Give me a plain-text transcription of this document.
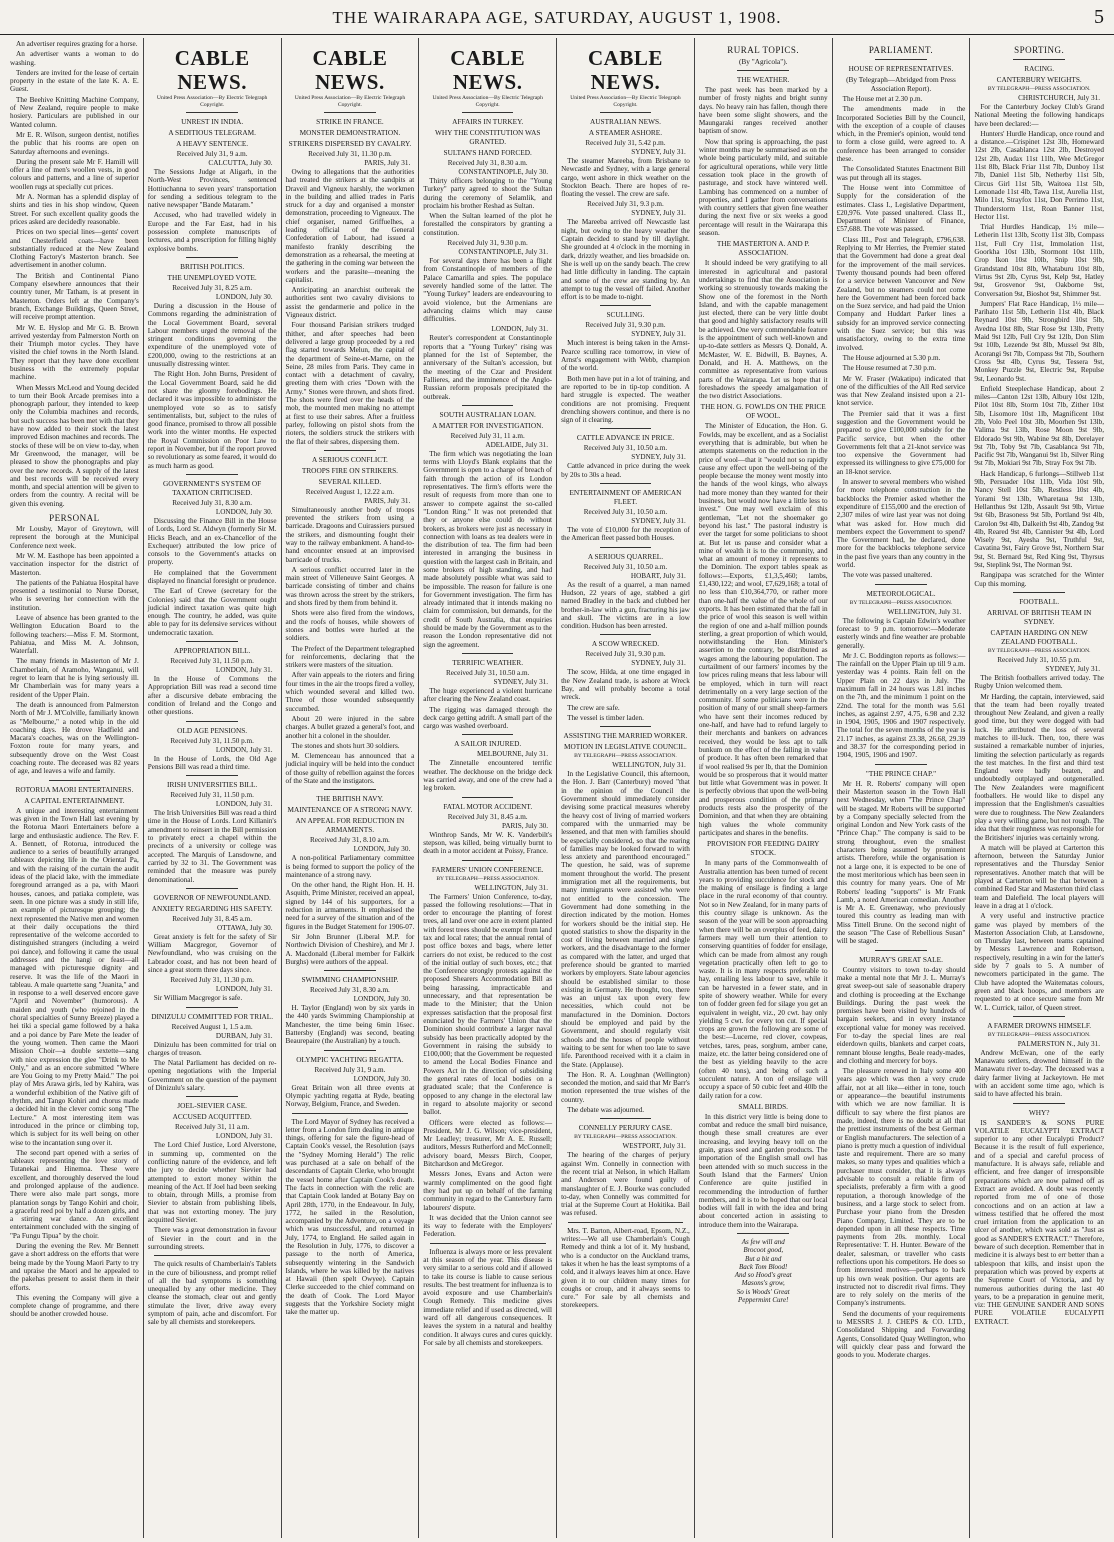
THE WAIRARAPA AGE, SATURDAY, AUGUST 1, 1908.	5

An advertiser requires grazing for a horse.

An advertiser wants a woman to do washing.

Tenders are invited for the lease of certain property in the estate of the late K. A. E. Guest.

The Beehive Knitting Machine Company, of New Zealand, require people to make hosiery. Particulars are published in our Wanted column.

Mr E. R. Wilson, surgeon dentist, notifies the public that his rooms are open on Saturday afternoons and evenings.

During the present sale Mr F. Hamill will offer a line of men's woollen vests, in good colours and patterns, and a line of superior woollen rugs at specially cut prices.

Mr A. Norman has a splendid display of shirts and ties in his shop window, Queen Street. For such excellent quality goods the prices asked are decidedly reasonable.

Prices on two special lines—gents' covert and Chesterfield coats—have been substantially reduced at the New Zealand Clothing Factory's Masterton branch. See advertisement in another column.

The British and Continental Piano Company elsewhere announces that their country tuner, Mr Tatham, is at present in Masterton. Orders left at the Company's branch, Exchange Buildings, Queen Street, will receive prompt attention.

Mr W. E. Hyslop and Mr G. B. Brown arrived yesterday from Palmerston North on their Triumph motor cycles. They have visited the chief towns in the North Island. They report that they have done excellent business with the extremely popular machine.

When Messrs McLeod and Young decided to turn their Book Arcade premises into a phonograph parlour, they intended to keep only the Columbia machines and records, but such success has been met with that they have now added to their stock the latest improved Edison machines and records. The stocks of these will be on view to-day, when Mr Greenwood, the manager, will be pleased to show the phonographs and play over the new records. A supply of the latest and best records will be received every month, and special attention will be given to orders from the country. A recital will be given this evening.

PERSONAL

Mr Lousby, Mayor of Greytown, will represent the borough at the Municipal Conference next week.

Mr W. M. Easthope has been appointed a vaccination inspector for the district of Masterton.

The patients of the Pahiatua Hospital have presented a testimonial to Nurse Dorset, who is severing her connection with the institution.

Leave of absence has been granted to the Wellington Education Board to the following teachers:—Miss F. M. Stormont, Pahiatua, and Miss M. A. Johnson, Waterfall.

The many friends in Masterton of Mr J. Chamberlain, of Aramoho, Wanganui, will regret to learn that he is lying seriously ill. Mr Chamberlain was for many years a resident of the Upper Plain.

The death is announced from Palmerston North of Mr J. M'Colville, familiarly known as "Melbourne," a noted whip in the old coaching days. He drove Hadfield and Macara's coaches, was on the Wellington-Foxton route for many years, and subsequently drove on the West Coast coaching route. The deceased was 82 years of age, and leaves a wife and family.

ROTORUA MAORI ENTERTAINERS.
A CAPITAL ENTERTAINMENT.

A unique and interesting entertainment was given in the Town Hall last evening by the Rotorua Maori Entertainers before a large and enthusiastic audience. The Rev. F. A. Bennett, of Rotorua, introduced the audience to a series of beautifully arranged tableaux depicting life in the Oriental Pa, and with the raising of the curtain the audit ideas of the placid lake, with the immediate foreground arranged as a pa, with Maori houses, canoes, and patiaka complete, was seen. In one picture was a study in still life, an example of picturesque grouping; the next represented the Native men and women at their daily occupations the third representative of the welcome accorded to distinguished strangers (including a weird poi dance), and following it came the usual addresses and the hangi or feast—all managed with picturesque dignity and reserve. It was the life of the Maori in tableau. A male quartette sang "Juanita," and in response to a well deserved encore gave "April and November" (humorous). A maiden and youth (who rejoined in the choral specialties of Sunny Breeze) played a hei tiki a special game followed by a haka and a poi dance by Pare Mete the leader of the young women. Then came the Maori Mission Choir—a double sextette—sang with nice expression the glee "Drink to Me Only," and as an encore submitted "Where are You Going to my Pretty Maid." The poi play of Mrs Arawa girls, led by Kahira, was a wonderful exhibition of the Native gift of rhythm, and Tango Kohiri and chorus made a decided hit in the clever comic song "The Lecture." A most interesting item was introduced in the prince or climbing top, which is subject for its well being on other wise to the incantation sung over it.

The second part opened with a series of tableaux representing the love story of Tutanekai and Hinemoa. These were excellent, and thoroughly deserved the loud and prolonged applause of the audience. There were also male part songs, more plantation songs by Tango Kohiri and choir, a graceful reed poi by half a dozen girls, and a stirring war dance. An excellent entertainment concluded with the singing of "Pa Fungu Tipua" by the choir.

During the evening the Rev. Mr Bennett gave a short address on the efforts that were being made by the Young Maori Party to try and upraise the Maori and he appealed to the pakehas present to assist them in their efforts.

This evening the Company will give a complete change of programme, and there should be another crowded house.

CABLE NEWS.
United Press Association—By Electric Telegraph Copyright.
UNREST IN INDIA.
A SEDITIOUS TELEGRAM.
A HEAVY SENTENCE.
Received July 31, 9 a.m.
CALCUTTA, July 30.

The Sessions Judge at Aligarh, in the North-West Provinces, sentenced Hottiuchanna to seven years' transportation for sending a seditious telegram to the native newspaper "Bande Mataram."

Accused, who had travelled widely in Europe and the Far East, had in his possession complete manuscripts of lectures, and a prescription for filling highly explosive bombs.

BRITISH POLITICS.
THE UNEMPLOYED VOTE.
Received July 31, 8.25 a.m.
LONDON, July 30.

During a discussion in the House of Commons regarding the administration of the Local Government Board, several Labour members urged the removal of the stringent conditions governing the expenditure of the unemployed vote of £200,000, owing to the restrictions at an unusually distressing winter.

The Right Hon. John Burns, President of the Local Government Board, said he did not share the gloomy forebodings. He declared it was impossible to administer the unemployed vote so as to satisfy sentimentalists, but, subject to the rules of good finance, promised to throw all possible work into the winter months. He expected the Royal Commission on Poor Law to report in November, but if the report proved so revolutionary as some feared, it would do as much harm as good.

GOVERNMENT'S SYSTEM OF TAXATION CRITICISED.
Received July 31, 8.30 a.m.
LONDON, July 30.

Discussing the Finance Bill in the House of Lords, Lord St. Aldwyn (formerly Sir M. Hicks Beach, and an ex-Chancellor of the Exchequer) attributed the low price of consols to the Government's attacks on property.

He complained that the Government displayed no financial foresight or prudence.

The Earl of Crewe (secretary for the Colonies) said that the Government ought judicial indirect taxation was quite high enough. The country, he added, was quite able to pay for its defensive services without undemocratic taxation.

APPROPRIATION BILL.
Received July 31, 11.50 p.m.
LONDON, July 31.

In the House of Commons the Appropriation Bill was read a second time after a discursive debate embracing the condition of Ireland and the Congo and other questions.

OLD AGE PENSIONS.
Received July 31, 11.50 p.m.
LONDON, July 31.

In the House of Lords, the Old Age Pensions Bill was read a third time.

IRISH UNIVERSITIES BILL.
Received July 31, 11.50 p.m.
LONDON, July 31.

The Irish Universities Bill was read a third time in the House of Lords. Lord Killanin's amendment to reinsert in the Bill permission to privately erect a chapel within the precincts of a university or college was accepted. The Marquis of Lansdowne, and carried by 32 to 31. The Government was reminded that the measure was purely denominational.

GOVERNOR OF NEWFOUNDLAND.
ANXIETY REGARDING HIS SAFETY.
Received July 31, 8.45 a.m.
OTTAWA, July 30.

Great anxiety is felt for the safety of Sir William Macgregor, Governor of Newfoundland, who was cruising on the Labrador coast, and has not been heard of since a great storm three days since.

Received July 31, 11.30 p.m.
LONDON, July 31.

Sir William Macgregor is safe.

DINIZULU COMMITTED FOR TRIAL.
Received August 1, 1.5 a.m.
DURBAN, July 31.

Dinizulu has been committed for trial on charges of treason.

The Natal Parliament has decided on re-opening negotiations with the Imperial Government on the question of the payment of Dinizulu's salary.

JOEL-SIEVIER CASE.
ACCUSED ACQUITTED.
Received July 31, 11 a.m.
LONDON, July 31.

The Lord Chief Justice, Lord Alverstone, in summing up, commented on the conflicting nature of the evidence, and left the jury to decide whether Sievier had attempted to extort money within the meaning of the Act. If Joel had been seeking to obtain, through Mills, a promise from Sievier to abstain from publishing libels, that was not extorting money. The jury acquitted Sievier.

There was a great demonstration in favour of Sievier in the court and in the surrounding streets.

The quick results of Chamberlain's Tablets in the cure of biliousness, and prompt relief of all the bad symptoms is something unequalled by any other medicine. They cleanse the stomach, clear out and gently stimulate the liver, drive away every symptom of pain, ache and discomfort. For sale by all chemists and storekeepers.

CABLE NEWS.
United Press Association—By Electric Telegraph Copyright.
STRIKE IN FRANCE.
MONSTER DEMONSTRATION.
STRIKERS DISPERSED BY CAVALRY.
Received July 31, 11.30 p.m.
PARIS, July 31.

Owing to allegations that the authorities had treated the strikers at the sandpits at Draveil and Vigneux harshly, the workmen in the building and allied trades in Paris struck for a day and organised a monster demonstration, proceeding to Vigneaux. The chief organiser, named Griffuelhes, a leading official of the General Confederation of Labour, had issued a manifesto frankly describing the demonstration as a rehearsal, the meeting at the gathering in the coming war between the workers and the parasite—meaning the capitalist.

Anticipating an anarchist outbreak the authorities sent two cavalry divisions to assist the gendarmerie and police in the Vigneaux district.

Four thousand Parisian strikers trudged thither, and after speeches had been delivered a large group proceeded by a red flag started towards Melun, the capital of the department of Seine-et-Marne, on the Seine, 28 miles from Paris. They came in contact with a detachment of cavalry, greeting them with cries "Down with the Army." Stones were thrown, and shots fired. The shots were fired over the heads of the mob, the mounted men making no attempt at first to use their sabres. After a fruitless parley, following on pistol shots from the rioters, the soldiers struck the strikers with the flat of their sabres, dispersing them.

A SERIOUS CONFLICT.
TROOPS FIRE ON STRIKERS.
SEVERAL KILLED.
Received August 1, 12.22 a.m.
PARIS, July 31.

Simultaneously another body of troops prevented the strikers from using a barricade. Dragoons and Cuirassiers pursued the strikers, and dismounting fought their way to the railway embankment. A hand-to-hand encounter ensued at an improvised barricade of trucks.

A serious conflict occurred later in the main street of Villeneuve Saint Georges. A barricade consisting of timber and chains was thrown across the street by the strikers, and shots fired by them from behind it.

Shots were also fired from the windows, and the roofs of houses, while showers of stones and bottles were hurled at the soldiers.

The Prefect of the Department telegraphed for reinforcements, declaring that the strikers were masters of the situation.

After vain appeals to the rioters and firing four times in the air the troops fired a volley, which wounded several and killed two. Three of those wounded subsequently succumbed.

About 20 were injured in the sabre charges. A bullet grazed a general's foot, and another hit a colonel in the shoulder.

The stones and shots hurt 30 soldiers.

M. Clemenceau has announced that a judicial inquiry will be held into the conduct of those guilty of rebellion against the forces of the State and the instigators.

THE BRITISH NAVY.
MAINTENANCE OF A STRONG NAVY.
AN APPEAL FOR REDUCTION IN ARMAMENTS.
Received July 31, 8.10 a.m.
LONDON, July 30.

A non-political Parliamentary committee is being formed to support the policy of the maintenance of a strong navy.

On the other hand, the Right Hon. H. H. Asquith, Prime Minister, received an appeal, signed by 144 of his supporters, for a reduction in armaments. It emphasised the need for a survey of the situation and of the figures in the Budget Statement for 1906-07.

Sir John Brunner (Liberal M.P. for Northwich Division of Cheshire), and Mr J. A. Macdonald (Liberal member for Falkirk Burghs) were authors of the appeal.

SWIMMING CHAMPIONSHIP.
Received July 31, 8.30 a.m.
LONDON, July 30.

H. Taylor (England) won by six yards in the 440 yards Swimming Championship at Manchester, the time being 6min 16sec. Battersby (England) was second, beating Beaurepaire (the Australian) by a touch.

OLYMPIC YACHTING REGATTA.
Received July 31, 9 a.m.
LONDON, July 30.

Great Britain won all three events at Olympic yachting regatta at Ryde, beating Norway, Belgium, France, and Sweden.

The Lord Mayor of Sydney has received a letter from a London firm dealing in antique things, offering for sale the figure-head of Captain Cook's vessel, the Resolution (says the "Sydney Morning Herald") The relic was purchased at a sale on behalf of the descendants of Captain Clerke, who brought the vessel home after Captain Cook's death. The facts in connection with the relic are that Captain Cook landed at Botany Bay on April 28th, 1770, in the Endeavour. In July, 1772, he sailed in the Resolution, accompanied by the Adventure, on a voyage which was unsuccessful, and returned in July, 1774, to England. He sailed again in the Resolution in July, 1776, to discover a passage to the north of America, subsequently wintering in the Sandwich Islands, where he was killed by the natives at Hawaii (then spelt Owyee). Captain Clerke succeeded to the chief command on the death of Cook. The Lord Mayor suggests that the Yorkshire Society might take the matter up.

CABLE NEWS.
United Press Association—By Electric Telegraph Copyright.
AFFAIRS IN TURKEY.
WHY THE CONSTITUTION WAS GRANTED.
SULTAN'S HAND FORCED.
Received July 31, 8.30 a.m.
CONSTANTINOPLE, July 30.

Thirty officers belonging to the "Young Turkey" party agreed to shoot the Sultan during the ceremony of Selamlik, and proclaim his brother Reshad as Sultan.

When the Sultan learned of the plot he forestalled the conspirators by granting a constitution.

Received July 31, 9.30 p.m.
CONSTANTINOPLE, July 31.

For several days there has been a flight from Constantinople of members of the Palace Camarilla and spies. The populace severely handled some of the latter. The "Young Turkey" leaders are endeavouring to avoid violence, but the Armenians are advancing claims which may cause difficulties.

LONDON, July 31.

Reuter's correspondent at Constantinople reports that a "Young Turkey" rising was planned for the 1st of September, the anniversary of the Sultan's accession, but the meeting of the Czar and President Fallieres, and the imminence of the Anglo-Russian reform proposals precipitated the outbreak.

SOUTH AUSTRALIAN LOAN.
A MATTER FOR INVESTIGATION.
Received July 31, 11 a.m.
ADELAIDE, July 31.

The firm which was negotiating the loan terms with Lloyd's Blank explains that the Government is open to a charge of breach of faith through the action of its London representatives. The firm's efforts were the result of requests from more than one to answer to compete against the so-called "London Ring." It was not pretended that they or anyone else could do without brokers, as brokers were just as necessary in connection with loans as tea dealers were in the distribution of tea. The firm had been interested in arranging the business in question with the largest cash in Britain, and some brokers of high standing, and had made absolutely possible what was said to be impossible. The reason for failure is one for Government investigation. The firm has already intimated that it intends making no claim for commission, but demands, for the credit of South Australia, that enquiries should be made by the Government as to the reason the London representative did not sign the agreement.

TERRIFIC WEATHER.
Received July 31, 10.50 a.m.
SYDNEY, July 31.

The huge experienced a violent hurricane after clearing the New Zealand coast.

The rigging was damaged through the deck cargo getting adrift. A small part of the cargo was washed overboard.

A SAILOR INJURED.
MELBOURNE, July 31.

The Zinnetalle encountered terrific weather. The deckhouse on the bridge deck was carried away, and one of the crew had a leg broken.

FATAL MOTOR ACCIDENT.
Received July 31, 8.45 a.m.
PARIS, July 30.

Winthrop Sands, Mr W. K. Vanderbilt's stepson, was killed, being virtually burnt to death in a motor accident at Poissy, France.

FARMERS' UNION CONFERENCE.
BY TELEGRAPH—PRESS ASSOCIATION.
WELLINGTON, July 31.

The Farmers' Union Conference, to-day, passed the following resolutions:—That in order to encourage the planting of forest trees, all land over one acre in extent planted with forest trees should be exempt from land tax and local rates; that the annual rental of post office boxes and bags, where letter carriers do not exist, be reduced to the cost of the initial outlay of such boxes, etc.; that the Conference strongly protests against the proposed Shearers Accommodation Bill as being harassing, impracticable and unnecessary, and that representation be made to the Minister; that the Union expresses satisfaction that the proposal first enunciated by the Farmers' Union that the Dominion should contribute a larger naval subsidy has been practically adopted by the Government in raising the subsidy to £100,000; that the Government be requested to amend the Local Bodies Finance and Powers Act in the direction of subsidising the general rates of local bodies on a graduated scale; that the Conference is opposed to any change in the electoral law in regard to absolute majority or second ballot.

Officers were elected as follows:—President, Mr J. G. Wilson; vice-president, Mr Leadley; treasurer, Mr A. E. Russell; auditors, Messrs Rutherford and McConnell; advisory board, Messrs Birch, Cooper, Bitchardson and McGregor.

Messrs Jones, Evans and Acton were warmly complimented on the good fight they had put up on behalf of the farming community in regard to the Canterbury farm labourers' dispute.

It was decided that the Union cannot see its way to federate with the Employers' Federation.

Influenza is always more or less prevalent at this season of the year. This disease is very similar to a serious cold and if allowed to take its course is liable to cause serious results. The best treatment for influenza is to avoid exposure and use Chamberlain's Cough Remedy. This medicine gives immediate relief and if used as directed, will ward off all dangerous consequences. It leaves the system in a natural and healthy condition. It always cures and cures quickly. For sale by all chemists and storekeepers.

CABLE NEWS.
United Press Association—By Electric Telegraph Copyright.
AUSTRALIAN NEWS.
A STEAMER ASHORE.
Received July 31, 5.42 p.m.
SYDNEY, July 31.

The steamer Mareeba, from Brisbane to Newcastle and Sydney, with a large general cargo, went ashore in thick weather on the Stockton Beach. There are hopes of re-floating the vessel. The crew are safe.

Received July 31, 9.3 p.m.
SYDNEY, July 31.

The Mareeba arrived off Newcastle last night, but owing to the heavy weather the Captain decided to stand by till daylight. She grounded at 4 o'clock in the morning in dark, drizzly weather, and lies broadside on. She is well up on the sandy beach. The crew had little difficulty in landing. The captain and some of the crew are standing by. An attempt to tug the vessel off failed. Another effort is to be made to-night.

SCULLING.
Received July 31, 9.30 p.m.
SYDNEY, July 31.

Much interest is being taken in the Arnst-Pearce sculling race tomorrow, in view of Arnst's engagement with Webb, champion of the world.

Both men have put in a lot of training, and are reported to be in tip-top condition. A hard struggle is expected. The weather conditions are not promising. Frequent drenching showers continue, and there is no sign of it clearing.

CATTLE ADVANCE IN PRICE.
Received July 31, 10.50 a.m.
SYDNEY, July 31.

Cattle advanced in price during the week by 20s to 30s a head.

ENTERTAINMENT OF AMERICAN FLEET.
Received July 31, 10.50 a.m.
SYDNEY, July 31.

The vote of £10,000 for the reception of the American fleet passed both Houses.

A SERIOUS QUARREL.
Received July 31, 10.50 a.m.
HOBART, July 31.

As the result of a quarrel, a man named Hudson, 22 years of age, stabbed a girl named Bradley in the back and clubbed her brother-in-law with a gun, fracturing his jaw and skull. The victims are in a low condition. Hudson has been arrested.

A SCOW WRECKED.
Received July 31, 9.30 p.m.
SYDNEY, July 31.

The scow, Hilda, at one time engaged in the New Zealand trade, is ashore at Wreck Bay, and will probably become a total wreck.

The crew are safe.

The vessel is timber laden.

ASSISTING THE MARRIED WORKER.
MOTION IN LEGISLATIVE COUNCIL.
BY TELEGRAPH—PRESS ASSOCIATION.
WELLINGTON, July 31.

In the Legislative Council, this afternoon, the Hon. J. Barr (Canterbury) moved "that in the opinion of the Council the Government should immediately consider devising some practical measures whereby the heavy cost of living of married workers compared with the unmarried may be lessened, and that men with families should be especially considered, so that the rearing of families may be looked forward to with less anxiety and parenthood encouraged." The question, he said, was of supreme moment throughout the world. The present immigration met all the requirements, but many immigrants were assisted who were not entitled to the concession. The Government had done something in the direction indicated by the motion. Homes for workers should be the initial step. He quoted statistics to show the disparity in the cost of living between married and single workers, and the disadvantage to the former as compared with the latter, and urged that preference should be granted to married workers by employers. State labour agencies should be established similar to those existing in Germany. He thought, too, there was an unjust tax upon every few necessities, which could not be manufactured in the Dominion. Doctors should be employed and paid by the Government, and should regularly visit schools and the houses of people without waiting to be sent for when too late to save life. Parenthood received with it a claim in the State. (Applause).

The Hon. R. A. Loughnan (Wellington) seconded the motion, and said that Mr Barr's motion represented the true wishes of the country.

The debate was adjourned.

CONNELLY PERJURY CASE.
BY TELEGRAPH—PRESS ASSOCIATION.
WESTPORT, July 31.

The hearing of the charges of perjury against Wm. Connelly in connection with the recent trial at Nelson, in which Hallam and Anderson were found guilty of manslaughter of E. J. Bourke was concluded to-day, when Connelly was committed for trial at the Supreme Court at Hokitika. Bail was refused.

Mrs. T. Barton, Albert-road, Epsom, N.Z., writes:—We all use Chamberlain's Cough Remedy and think a lot of it. My husband, who is a conductor on the Auckland trams, takes it when he has the least symptoms of a cold, and it always leaves him at once. Have given it to our children many times for coughs or croup, and it always seems to cure." For sale by all chemists and storekeepers.

RURAL TOPICS.
(By "Agricola").
THE WEATHER.

The past week has been marked by a number of frosty nights and bright sunny days. No heavy rain has fallen, though there have been some slight showers, and the Maungaraki ranges received another baptism of snow.

Now that spring is approaching, the past winter months may be summarised as on the whole being particularly mild, and suitable for agricultural operations, while very little cessation took place in the growth of pasturage, and stock have wintered well. Lambing has commenced on a number of properties, and I gather from conversations with country settlers that given fine weather during the next five or six weeks a good percentage will result in the Wairarapa this season.

THE MASTERTON A. AND P. ASSOCIATION.

It should indeed be very gratifying to all interested in agricultural and pastoral undertakings to find that the Association is working so strenuously towards making the Show one of the foremost in the North Island, and with the capable management just elected, there can be very little doubt that good and highly satisfactory results will be achieved. One very commendable feature is the appointment of such well-known and up-to-date settlers as Messrs Q. Donald, A. McMaster, W. E. Bidwill, B. Baynes, A. Donald, and H. A. Matthews, on the committee as representative from various parts of the Wairarapa. Let us hope that it foreshadows the speedy amalgamation of the two district Associations.

THE HON. G. FOWLDS ON THE PRICE OF WOOL.

The Minister of Education, the Hon. G. Fowlds, may be excellent, and as a Socialist everything that is admirable, but when he attempts statements on the reduction in the price of wool—that it "would not so rapidly cause any effect upon the well-being of the people because the money went mostly into the hands of the wool kings, who always had more money than they wanted for their business, but would now have a little less to invest." One may well exclaim of this gentleman, "Let not the shoemaker go beyond his last." The pastoral industry is ever the target for some politicians to shoot at. But let us pause and consider what a mine of wealth it is to the community, and what an amount of money it represents to the Dominion. The export tables speak as follows:—Exports, £1,3,5,460; lambs, £1,430,122; and wool, £7,629,168; a total of no less than £10,364,770, or rather more than one-half the value of the whole of our exports. It has been estimated that the fall in the price of wool this season is well within the region of one and a-half million pounds sterling, a great proportion of which would, notwithstanding the Hon. Minister's assertion to the contrary, be distributed as wages among the labouring population. The curtailment of our farmers' incomes by the low prices ruling means that less labour will be employed, which in turn will react detrimentally on a very large section of the community. If some politicians were in the position of many of our small sheep-farmers who have sent their incomes reduced by one-half, and have had to refund largely to their merchants and bankers on advances received, they would be less apt to talk bunkum on the effect of the falling in value of produce. It has often been remarked that if wool realised 9s per lb, that the Dominion would be so prosperous that it would matter but little what Government was in power. It is perfectly obvious that upon the well-being and prosperous condition of the primary products rests also the prosperity of the Dominion, and that when they are obtaining high values the whole community participates and shares in the benefits.

PROVISION FOR FEEDING DAIRY STOCK.

In many parts of the Commonwealth of Australia attention has been turned of recent years to providing succulence for stock and the making of ensilage is finding a large place in the rural economy of that country. Not so in New Zealand, for in many parts of this country silage is unknown. As the season of the year will be soon approaching when there will be an overplus of feed, dairy farmers may well turn their attention to conserving quantities of fodder for ensilage, which can be made from almost any rough vegetation practically often left to go to waste. It is in many respects preferable to hay, entailing less labour to save, while it can be harvested in a fewer state, and in spite of showery weather. While for every ton of fodder green fed for silage you get an equivalent in weight, viz., 20 cwt. hay only yielding 5 cwt. for every ton cut. If special crops are grown the following are some of the best:—Lucerne, red clover, cowpeas, vetches, tares, peas, sorghum, amber cane, maize, etc. the latter being considered one of the best as yielding heavily to the acre (often 40 tons), and being of such a succulent nature. A ton of ensilage will occupy a space of 50 cubic feet and 40lb the daily ration for a cow.

SMALL BIRDS.

In this district very little is being done to combat and reduce the small bird nuisance, though these small creatures are ever increasing, and levying heavy toll on the grain, grass seed and garden products. The importation of the English small owl has been attended with so much success in the South Island that the Farmers' Union Conference are quite justified in recommending the introduction of further members, and it is to be hoped that our local bodies will fall in with the idea and bring about concerted action in assisting to introduce them into the Wairarapa.

As few will and
Brocoot good,
But a bit and
Back Tom Blood!
And so Hood's great
Masons's grow,
So is Woods' Great
Peppermint Cure!
PARLIAMENT.
HOUSE OF REPRESENTATIVES.
(By Telegraph—Abridged from Press Association Report).

The House met at 2.30 p.m.

The amendments made in the Incorporated Societies Bill by the Council, with the exception of a couple of clauses which, in the Premier's opinion, would tend to form a close guild, were agreed to. A conference has been arranged to consider these.

The Consolidated Statutes Enactment Bill was put through all its stages.

The House went into Committee of Supply for the consideration of the estimates. Class I., Legislative Department, £20,976. Vote passed unaltered. Class II., Department of Minister of Finance, £57,688. The vote was passed.

Class III., Post and Telegraph, £796,638. Replying to Mr Herries, the Premier stated that the Government had done a great deal for the improvement of the mail services. Twenty thousand pounds had been offered for a service between Vancouver and New Zealand, but no steamers could not come here the Government had been forced back on the Suez service, and had paid the Union Company and Huddart Parker lines a subsidy for an improved service connecting with the Suez service; but this was unsatisfactory, owing to the extra time involved.

The House adjourned at 5.30 p.m.

The House resumed at 7.30 p.m.

Mr W. Fraser (Wakatipu) indicated that one of the difficulties of the All Red service was that New Zealand insisted upon a 21-knot service.

The Premier said that it was a first suggestion and the Government would be prepared to give £100,000 subsidy for the Pacific service, but when the other Governments felt that a 21-knot service was too expensive the Government had expressed its willingness to give £75,000 for an 18-knot service.

In answer to several members who wished for more telephone construction in the backblocks the Premier asked whether the expenditure of £155,000 and the erection of 2,307 miles of wire last year was not doing what was asked for. How much did members expect the Government to spend? The Government had, he declared, done more for the backblocks telephone service in the past five years than any country in the world.

The vote was passed unaltered.

METEOROLOGICAL.
BY TELEGRAPH—PRESS ASSOCIATION.
WELLINGTON, July 31.

The following is Captain Edwin's weather forecast to 9 p.m. tomorrow:—Moderate easterly winds and fine weather are probable generally.

Mr J. C. Boddington reports as follows:—The rainfall on the Upper Plain up till 9 a.m. yesterday was 4 points. Rain fell on the Upper Plain on 22 days in July. The maximum fall in 24 hours was 1.81 inches on the 7th, and the minimum 1 point on the 22nd. The total for the month was 5.61 inches, as against 2.97, 4.75, 6.98 and 2.32 in 1904, 1905, 1906 and 1907 respectively. The total for the seven months of the year is 21.17 inches, as against 23.38, 26.68, 29.39 and 38.37 for the corresponding period in 1904, 1905, 1906 and 1907.

"THE PRINCE CHAP."

Mr H. R. Roberts' company will open their Masterton season in the Town Hall next Wednesday, when "The Prince Chap" will be staged. Mr Roberts will be supported by a Company specially selected from the original London and New York casts of the "Prince Chap." The company is said to be strong throughout, even the smallest characters being assumed by prominent artists. Therefore, while the organisation is not a large one, it is expected to be one of the most meritorious which has been seen in this country for many years. One of Mr Roberts' leading "supports" is Mr Frank Lamb, a noted American comedian. Another is Mr A. E. Greenaway, who previously toured this country as leading man with Miss Tittell Brune. On the second night of the season "The Case of Rebellious Susan" will be staged.

MURRAY'S GREAT SALE.

Country visitors to town to-day should make a mental note that Mr J. L. Murray's great sweep-out sale of seasonable drapery and clothing is proceeding at the Exchange Buildings. During the past week the premises have been visited by hundreds of bargain seekers, and in every instance exceptional value for money was received. For to-day the special lines are real eiderdown quilts, blankets and carpet coats, remnant blouse lengths, Beale ready-mades, and clothing and mercery for boys.

The pleasure renewed in Italy some 400 years ago which was then a very crude affair, not at all like—either in tone, touch or appearance—the beautiful instruments with which we are now familiar. It is difficult to say where the first pianos are made, indeed, there is no doubt at all that the prettiest instruments of the best German or English manufacturers. The selection of a piano is pretty much a question of individual taste and requirement. There are so many makes, so many types and qualities which a purchaser must consider, that it is always advisable to consult a reliable firm of specialists, preferably a firm with a good reputation, a thorough knowledge of the business, and a large stock to select from. Purchase your piano from the Dresden Piano Company, Limited. They are to be depended upon in all these respects. Time payments from 20s. monthly. Local Representative: T. H. Hunter. Beware of the dealer, salesman, or traveller who casts reflections upon his competitors. He does so from interested motives—perhaps to back up his own weak position. Our agents are instructed not to discredit rival firms. They are to rely solely on the merits of the Company's instruments.

Send the documents of your requirements to MESSRS J. J. CHEPS & CO. LTD., Consolidated Shipping and Forwarding Agents, Consolidated Quay Wellington, who will quickly clear pass and forward the goods to you. Moderate charges.

SPORTING.
RACING.
CANTERBURY WEIGHTS.
BY TELEGRAPH—PRESS ASSOCIATION.
CHRISTCHURCH, July 31.

For the Canterbury Jockey Club's Grand National Meeting the following handicaps have been declared:—

Hunters' Hurdle Handicap, once round and a distance.—Crispinet 12st 3lb, Homeward 12st 2lb, Casablanca 12st 2lb, Destroyed 12st 2lb, Audax 11st 11lb, Wee McGregor 11st 8lb, Black Friar 11st 7lb, Dunboy 11st 7lb, Daniel 11st 5lb, Netherby 11st 5lb, Circus Girl 11st 5lb, Waitoea 11st 5lb, Lemonade 11st 4lb, Tawa 11st, Aurelia 11st, Milo 11st, Strayfox 11st, Don Perrimo 11st, Thunderstorm 11st, Roan Banner 11st, Hector 11st.

Trial Hurdles Handicap, 1½ mile—Letherin 11st 13lb, Scotty 11st 3lb, Compass 11st, Full Cry 11st, Immolation 11st, Goorkha 10st 13lb, Stormont 10st 11lb, Crop Ikon 10st 10lb, Snip 10st 9lb, Grandstand 10st 8lb, Whataburu 10st 8lb, Virtus 9st 2lb, Cyrus 9st, Kelp 9st, Hatley 9st, Grosvenor 9st, Oakborne 9st, Conversation 9st, Bioshot 9st, Shimmer 9st.

Jumpers' Flat Race Handicap, 1½ mile—Parihato 11st 5lb, Letherin 11st 4lb, Black Reynard 10st 9lb, Strongbird 10st 5lb, Avedna 10st 8lb, Star Rose 9st 13lb, Pretty Maid 9st 12lb, Full Cry 9st 12lb, Don Slim 9st 10lb, Lezende 9st 8lb, Mussel 9st 8lb, Acorangi 9st 7lb, Compass 9st 7lb, Southern Cross 9st 4lb, Cyrus 9st, Tessera 9st, Monkey Puzzle 9st, Electric 9st, Repulse 9st, Leonardo 9st.

Enfield Steeplechase Handicap, about 2 miles—Canton 12st 13lb, Albury 10st 12lb, Pilot 10st 8lb, Storm 10st 7lb, Zither 10st 5lb, Lisomore 10st 1lb, Magnificent 10st 2lb, Volo Peel 10st 3lb, Moorhen 9st 13lb, Valima 9st 13lb, Rose Moon 9st 9lb, Eldorado 9st 9lb, Wabine 9st 8lb, Derelayer 9st 7lb, Toby 9st 7lb, Casablanca 9st 7lb, Pacific 9st 7lb, Wanganui 9st 1b, Silver Ring 9st 7lb, Mokiari 9st 7lb, Stray Fox 9st 7lb.

Hack Handicap, 6 furlongs—Stillweb 11st 9lb, Persuader 10st 11lb, Vida 10st 9lb, Nancy Stell 10st 5lb, Restless 10st 4lb, Yorami 9st 13lb, Wharetaua 9st 13lb, Hellanthus 9st 12lb, Assault 9st 9lb, Virtue 9st 6lb, Brasoness 9st 5lb, Portland 9st 4lb, Carolon 9st 4lb, Dalkeith 9st 4lb, Zandog 9st 4lb, Reared 9st 4lb, Cannister 9st 4lb, Lord Wisely 9st, Ayesha 9st, Truthful 9st, Cavatina 9st, Fairy Grove 9st, Northern Star 9st, St. Bernard 9st, Red King 9st, Thyrsus 9st, Steplink 9st, The Norman 9st.

Rangipapa was scratched for the Winter Cup this morning.

FOOTBALL.
ARRIVAL OF BRITISH TEAM IN SYDNEY.
CAPTAIN HARDING ON NEW ZEALAND FOOTBALL.
BY TELEGRAPH—PRESS ASSOCIATION.
Received July 31, 10.55 p.m.
SYDNEY, July 31.

The British footballers arrived today. The Rugby Union welcomed them.

Mr Harding, the captain, interviewed, said that the team had been royally treated throughout New Zealand, and given a really good time, but they were dogged with bad luck. He attributed the loss of several matches to ill-luck. Then, too, there was sustained a remarkable number of injuries, limiting the selection particularly as regards the test matches. In the first and third test England were badly beaten, and undoubtedly outplayed and outgeneralled. The New Zealanders were magnificent footballers. He would like to dispel any impression that the Englishmen's casualties were due to roughness. The New Zealanders play a very willing game, but not rough. The idea that their roughness was responsible for the Britishers' injuries was certainly wrong.

A match will be played at Carterton this afternoon, between the Saturday Junior representatives and the Thursday Senior representatives. Another match that will be played at Carterton will be that between a combined Red Star and Masterton third class team and Dalefield. The local players will leave in a drag at 1 o'clock.

A very useful and instructive practice game was played by members of the Masterton Association Club, at Lansdowne, on Thursday last, between teams captained by Messrs Lawrence and Robertson, respectively, resulting in a win for the latter's side by 7 goals to 5. A number of newcomers participated in the game. The Club have adopted the Waitematas colours, green and black hoops, and members are requested to at once secure same from Mr W. L. Currick, tailor, of Queen street.

A FARMER DROWNS HIMSELF.
BY TELEGRAPH—PRESS ASSOCIATION.
PALMERSTON N., July 31.

Andrew McEwan, one of the early Manawatu settlers, drowned himself in the Manawatu river to-day. The deceased was a dairy farmer living at Jackeytown. He met with an accident some time ago, which is said to have affected his brain.

WHY?

IS SANDER'S & SONS PURE VOLATILE EUCALYPTI EXTRACT superior to any other Eucalypti Product? Because it is the result of full experience, and of a special and careful process of manufacture. It is always safe, reliable and efficient, and free danger of irresponsible preparations which are now palmed off as Extract are avoided. A doubt was recently reported from me of one of those concoctions and on an action at law a witness testified that he offered the most cruel irritation from the application to an ulcer of another, which was sold as "Just as good as SANDER'S EXTRACT." Therefore, beware of such deception. Remember that in medicine it is always best to err better than a tablespoon that kills, and insist upon the preparation which was proved by experts at the Supreme Court of Victoria, and by numerous authorities during the last 40 years, to be a preparation in genuine merit, viz: THE GENUINE SANDER AND SONS PURE VOLATILE EUCALYPTI EXTRACT.
